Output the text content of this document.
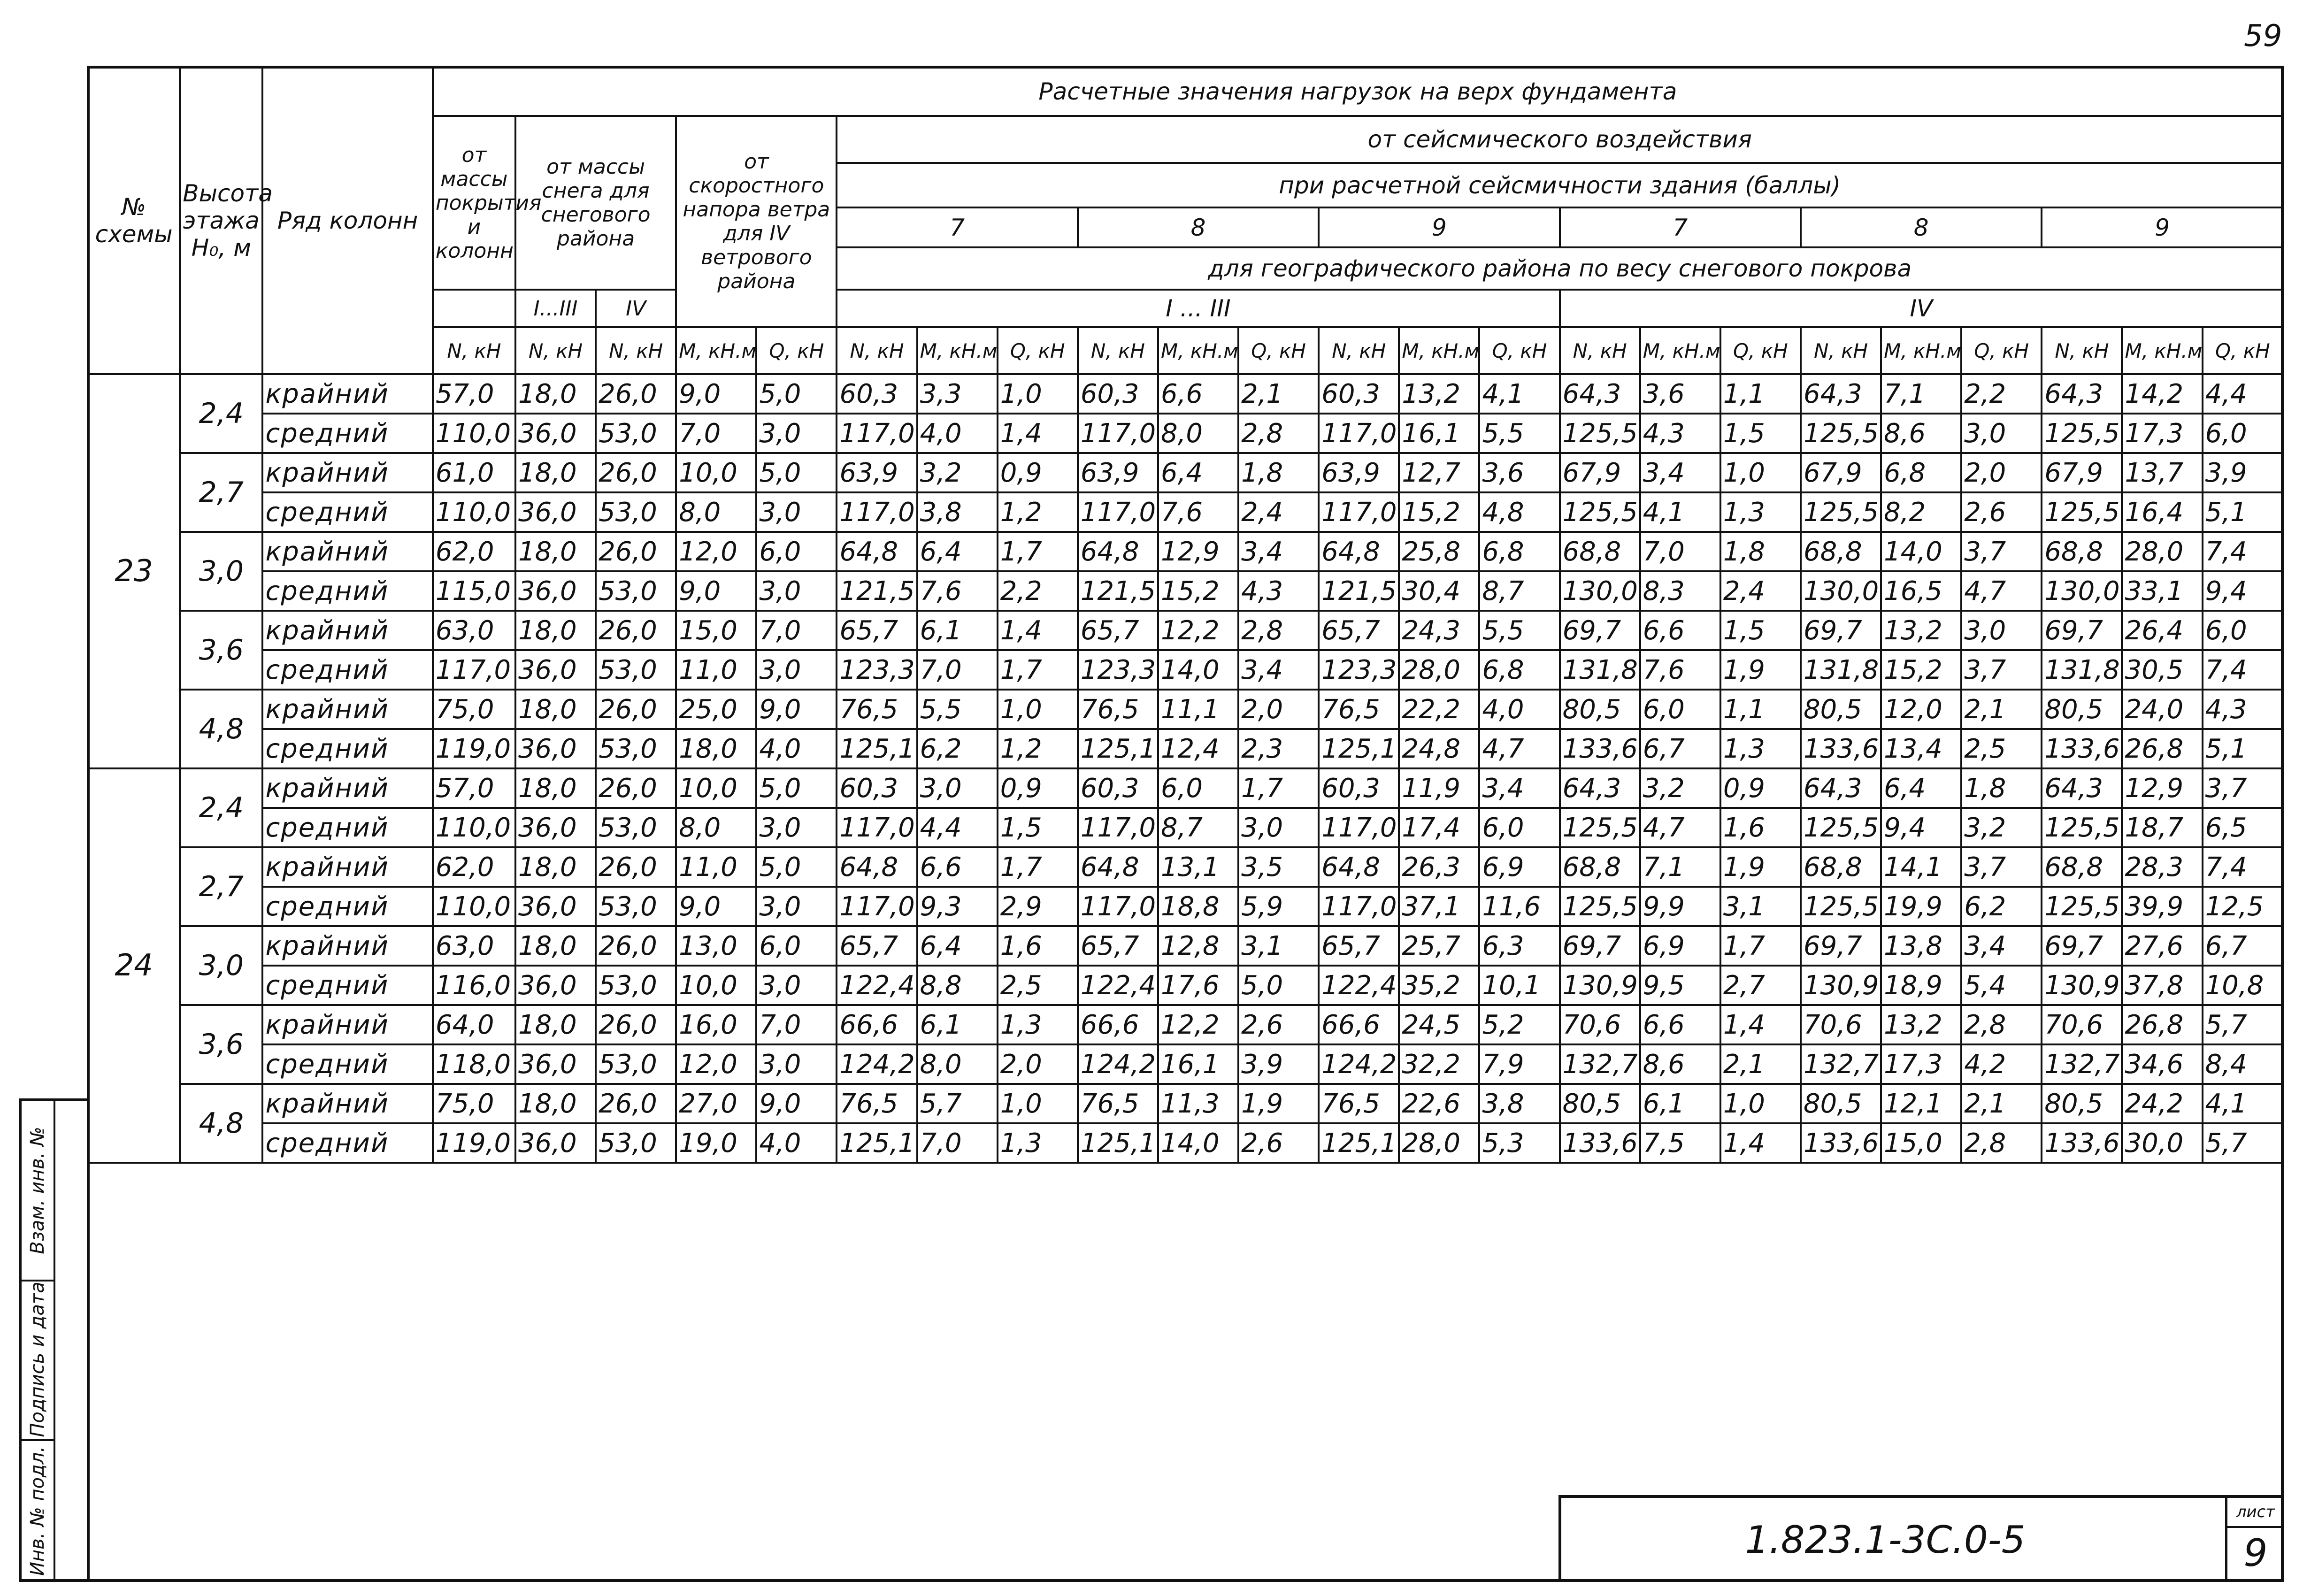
59
№ схемы	Высота этажа H₀, м	Ряд колонн	Расчетные значения нагрузок на верх фундамента																						
			от массы покрытия и колонн	от массы снега для снегового района		от скоростного напора ветра для IV ветрового района		от сейсмического воздействия																	
								при расчетной сейсмичности здания (баллы)																	
								7			8			9			7			8			9		
								для географического района по весу снегового покрова																	
				I...III	IV			I ... III									IV								
			N, кН	N, кН	N, кН	M, кН.м	Q, кН	N, кН	M, кН.м	Q, кН	N, кН	M, кН.м	Q, кН	N, кН	M, кН.м	Q, кН	N, кН	M, кН.м	Q, кН	N, кН	M, кН.м	Q, кН	N, кН	M, кН.м	Q, кН
23	2,4	крайний	57,0	18,0	26,0	9,0	5,0	60,3	3,3	1,0	60,3	6,6	2,1	60,3	13,2	4,1	64,3	3,6	1,1	64,3	7,1	2,2	64,3	14,2	4,4
		средний	110,0	36,0	53,0	7,0	3,0	117,0	4,0	1,4	117,0	8,0	2,8	117,0	16,1	5,5	125,5	4,3	1,5	125,5	8,6	3,0	125,5	17,3	6,0
	2,7	крайний	61,0	18,0	26,0	10,0	5,0	63,9	3,2	0,9	63,9	6,4	1,8	63,9	12,7	3,6	67,9	3,4	1,0	67,9	6,8	2,0	67,9	13,7	3,9
		средний	110,0	36,0	53,0	8,0	3,0	117,0	3,8	1,2	117,0	7,6	2,4	117,0	15,2	4,8	125,5	4,1	1,3	125,5	8,2	2,6	125,5	16,4	5,1
	3,0	крайний	62,0	18,0	26,0	12,0	6,0	64,8	6,4	1,7	64,8	12,9	3,4	64,8	25,8	6,8	68,8	7,0	1,8	68,8	14,0	3,7	68,8	28,0	7,4
		средний	115,0	36,0	53,0	9,0	3,0	121,5	7,6	2,2	121,5	15,2	4,3	121,5	30,4	8,7	130,0	8,3	2,4	130,0	16,5	4,7	130,0	33,1	9,4
	3,6	крайний	63,0	18,0	26,0	15,0	7,0	65,7	6,1	1,4	65,7	12,2	2,8	65,7	24,3	5,5	69,7	6,6	1,5	69,7	13,2	3,0	69,7	26,4	6,0
		средний	117,0	36,0	53,0	11,0	3,0	123,3	7,0	1,7	123,3	14,0	3,4	123,3	28,0	6,8	131,8	7,6	1,9	131,8	15,2	3,7	131,8	30,5	7,4
	4,8	крайний	75,0	18,0	26,0	25,0	9,0	76,5	5,5	1,0	76,5	11,1	2,0	76,5	22,2	4,0	80,5	6,0	1,1	80,5	12,0	2,1	80,5	24,0	4,3
		средний	119,0	36,0	53,0	18,0	4,0	125,1	6,2	1,2	125,1	12,4	2,3	125,1	24,8	4,7	133,6	6,7	1,3	133,6	13,4	2,5	133,6	26,8	5,1
24	2,4	крайний	57,0	18,0	26,0	10,0	5,0	60,3	3,0	0,9	60,3	6,0	1,7	60,3	11,9	3,4	64,3	3,2	0,9	64,3	6,4	1,8	64,3	12,9	3,7
		средний	110,0	36,0	53,0	8,0	3,0	117,0	4,4	1,5	117,0	8,7	3,0	117,0	17,4	6,0	125,5	4,7	1,6	125,5	9,4	3,2	125,5	18,7	6,5
	2,7	крайний	62,0	18,0	26,0	11,0	5,0	64,8	6,6	1,7	64,8	13,1	3,5	64,8	26,3	6,9	68,8	7,1	1,9	68,8	14,1	3,7	68,8	28,3	7,4
		средний	110,0	36,0	53,0	9,0	3,0	117,0	9,3	2,9	117,0	18,8	5,9	117,0	37,1	11,6	125,5	9,9	3,1	125,5	19,9	6,2	125,5	39,9	12,5
	3,0	крайний	63,0	18,0	26,0	13,0	6,0	65,7	6,4	1,6	65,7	12,8	3,1	65,7	25,7	6,3	69,7	6,9	1,7	69,7	13,8	3,4	69,7	27,6	6,7
		средний	116,0	36,0	53,0	10,0	3,0	122,4	8,8	2,5	122,4	17,6	5,0	122,4	35,2	10,1	130,9	9,5	2,7	130,9	18,9	5,4	130,9	37,8	10,8
	3,6	крайний	64,0	18,0	26,0	16,0	7,0	66,6	6,1	1,3	66,6	12,2	2,6	66,6	24,5	5,2	70,6	6,6	1,4	70,6	13,2	2,8	70,6	26,8	5,7
		средний	118,0	36,0	53,0	12,0	3,0	124,2	8,0	2,0	124,2	16,1	3,9	124,2	32,2	7,9	132,7	8,6	2,1	132,7	17,3	4,2	132,7	34,6	8,4
	4,8	крайний	75,0	18,0	26,0	27,0	9,0	76,5	5,7	1,0	76,5	11,3	1,9	76,5	22,6	3,8	80,5	6,1	1,0	80,5	12,1	2,1	80,5	24,2	4,1
		средний	119,0	36,0	53,0	19,0	4,0	125,1	7,0	1,3	125,1	14,0	2,6	125,1	28,0	5,3	133,6	7,5	1,4	133,6	15,0	2,8	133,6	30,0	5,7
Взам. инв. №
Подпись и дата
Инв. № подл.	1.823.1-3С.0-5
лист
9
